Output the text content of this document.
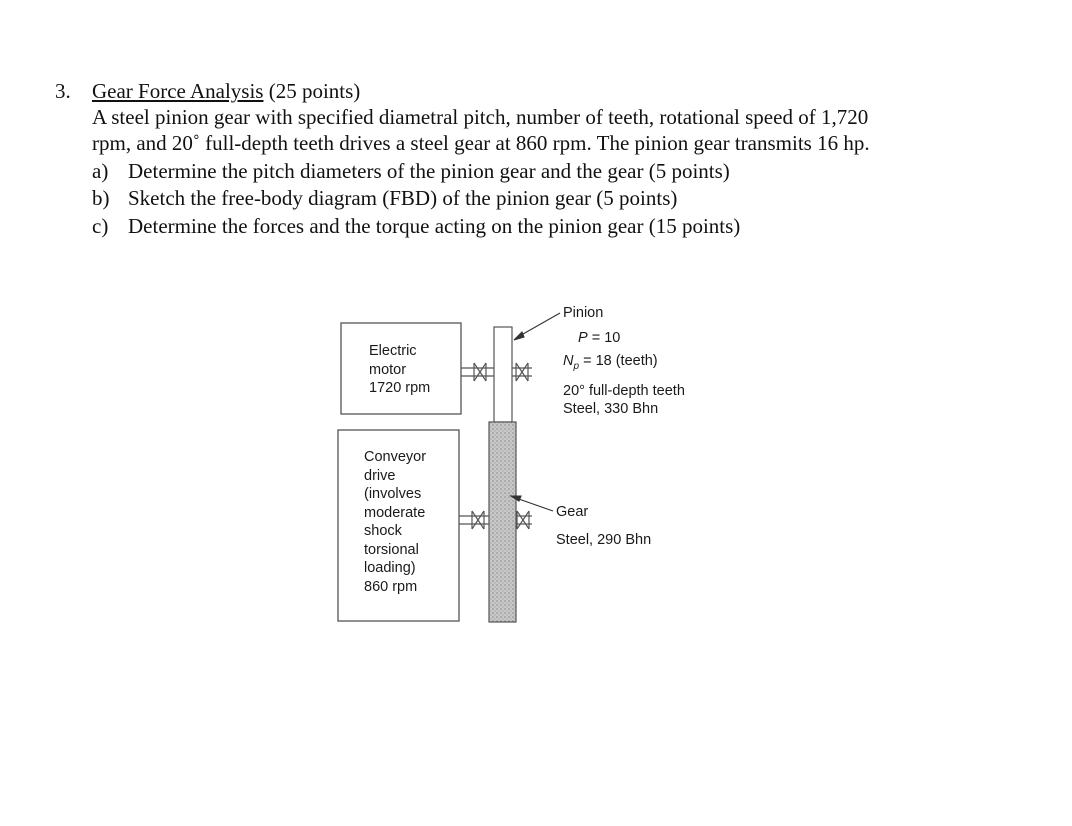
3. Gear Force Analysis (25 points)
A steel pinion gear with specified diametral pitch, number of teeth, rotational speed of 1,720
rpm, and 20˚ full-depth teeth drives a steel gear at 860 rpm. The pinion gear transmits 16 hp.
a) Determine the pitch diameters of the pinion gear and the gear (5 points)
b) Sketch the free-body diagram (FBD) of the pinion gear (5 points)
c) Determine the forces and the torque acting on the pinion gear (15 points)
Electric
motor
1720 rpm
Conveyor
drive
(involves
moderate
shock
torsional
loading)
860 rpm
Pinion
P = 10
$N_p = 18$ (teeth)
20° full-depth teeth
Steel, 330 Bhn
Gear
Steel, 290 Bhn
